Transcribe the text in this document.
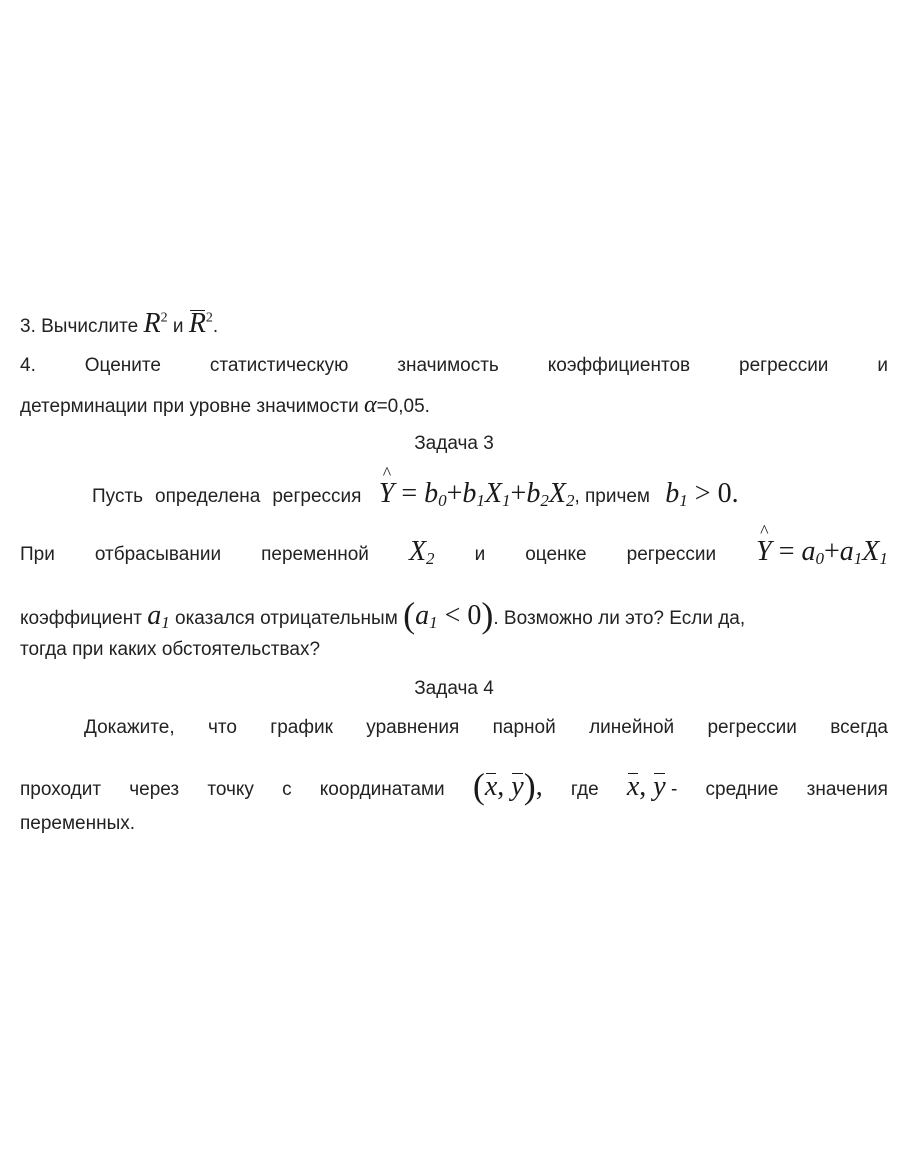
3. Вычислите $R^2$ и $R^2$.
4.	Оцените	статистическую	значимость	коэффициентов	регрессии	и
детерминации при уровне значимости α=0,05.
Задача 3
Пусть определена регрессия ^ $Y = b_0+b_1X_1+b_2X_2$, причем $b_1 > 0$.
При отбрасывании переменной $X_2$ и оценке регрессии ^ $Y = a_0+a_1X_1$
коэффициент $a_1$ оказался отрицательным $(a_1 < 0)$. Возможно ли это? Если да,
тогда при каких обстоятельствах?
Задача 4
Докажите, что график уравнения парной линейной регрессии всегда
проходит через точку с координатами (x, y), где x, y - средние значения
переменных.
